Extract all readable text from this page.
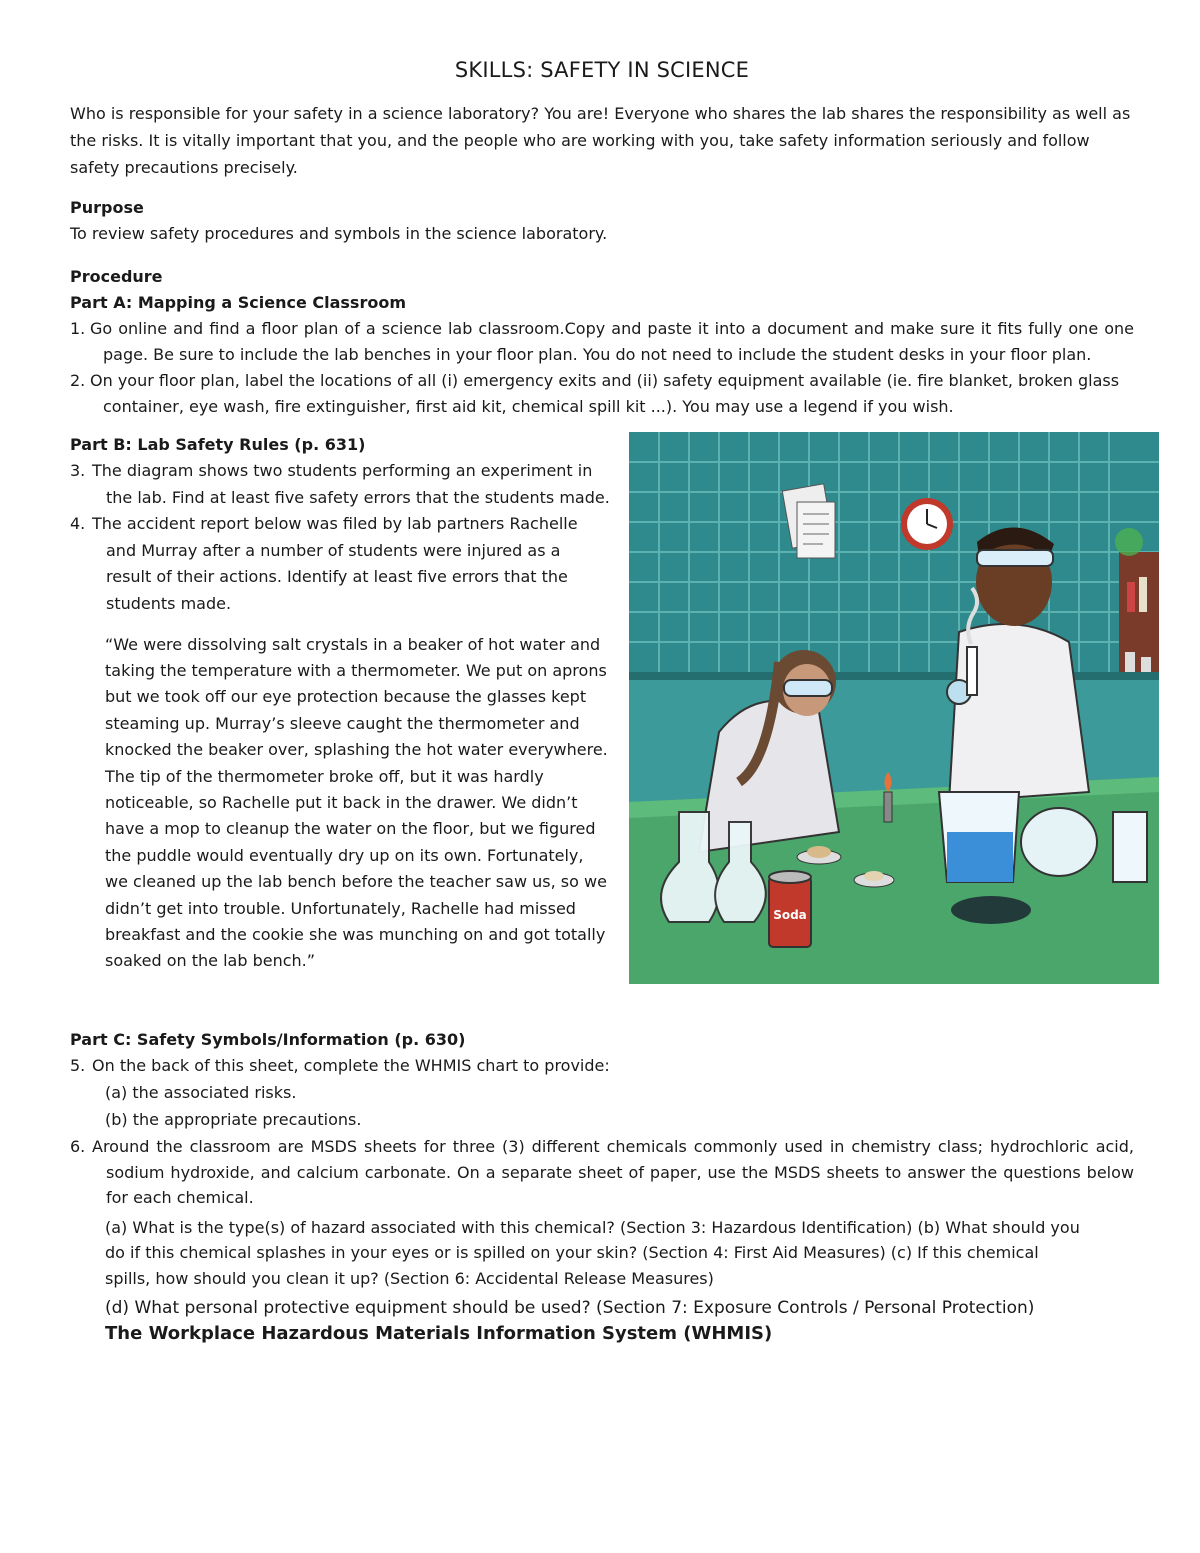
SKILLS: SAFETY IN SCIENCE

Who is responsible for your safety in a science laboratory? You are! Everyone who shares the lab shares the responsibility as well as the risks. It is vitally important that you, and the people who are working with you, take safety information seriously and follow safety precautions precisely.

Purpose

To review safety procedures and symbols in the science laboratory.

Procedure
Part A: Mapping a Science Classroom
1. Go online and find a floor plan of a science lab classroom.Copy and paste it into a document and make sure it fits fully one one page. Be sure to include the lab benches in your floor plan. You do not need to include the student desks in your floor plan.
2. On your floor plan, label the locations of all (i) emergency exits and (ii) safety equipment available (ie. fire blanket, broken glass container, eye wash, fire extinguisher, first aid kit, chemical spill kit ...). You may use a legend if you wish.
Part B: Lab Safety Rules (p. 631)
3. The diagram shows two students performing an experiment in the lab. Find at least five safety errors that the students made.
4. The accident report below was filed by lab partners Rachelle and Murray after a number of students were injured as a result of their actions. Identify at least five errors that the students made.

“We were dissolving salt crystals in a beaker of hot water and taking the temperature with a thermometer. We put on aprons but we took off our eye protection because the glasses kept steaming up. Murray’s sleeve caught the thermometer and knocked the beaker over, splashing the hot water everywhere. The tip of the thermometer broke off, but it was hardly noticeable, so Rachelle put it back in the drawer. We didn’t have a mop to cleanup the water on the floor, but we figured the puddle would eventually dry up on its own. Fortunately, we cleaned up the lab bench before the teacher saw us, so we didn’t get into trouble. Unfortunately, Rachelle had missed breakfast and the cookie she was munching on and got totally soaked on the lab bench.”

Soda
Part C: Safety Symbols/Information (p. 630)
5. On the back of this sheet, complete the WHMIS chart to provide:
(a) the associated risks.
(b) the appropriate precautions.
6. Around the classroom are MSDS sheets for three (3) different chemicals commonly used in chemistry class; hydrochloric acid, sodium hydroxide, and calcium carbonate. On a separate sheet of paper, use the MSDS sheets to answer the questions below for each chemical.

(a) What is the type(s) of hazard associated with this chemical? (Section 3: Hazardous Identification) (b) What should you do if this chemical splashes in your eyes or is spilled on your skin? (Section 4: First Aid Measures) (c) If this chemical spills, how should you clean it up? (Section 6: Accidental Release Measures)

(d) What personal protective equipment should be used? (Section 7: Exposure Controls / Personal Protection)

The Workplace Hazardous Materials Information System (WHMIS)
